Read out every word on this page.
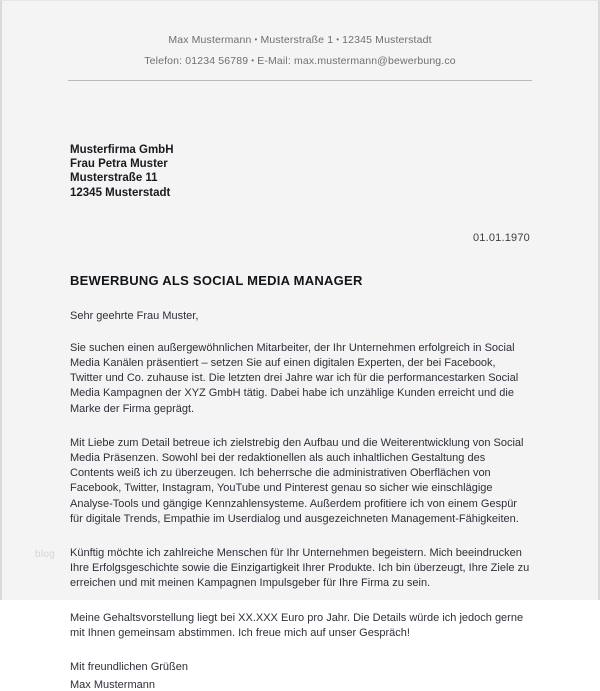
Max Mustermann • Musterstraße 1 • 12345 Musterstadt
Telefon: 01234 56789 • E-Mail: max.mustermann@bewerbung.co
Musterfirma GmbH
Frau Petra Muster
Musterstraße 11
12345 Musterstadt
01.01.1970
BEWERBUNG ALS SOCIAL MEDIA MANAGER
Sehr geehrte Frau Muster,
Sie suchen einen außergewöhnlichen Mitarbeiter, der Ihr Unternehmen erfolgreich in Social Media Kanälen präsentiert – setzen Sie auf einen digitalen Experten, der bei Facebook, Twitter und Co. zuhause ist. Die letzten drei Jahre war ich für die performancestarken Social Media Kampagnen der XYZ GmbH tätig. Dabei habe ich unzählige Kunden erreicht und die Marke der Firma geprägt.
Mit Liebe zum Detail betreue ich zielstrebig den Aufbau und die Weiterentwicklung von Social Media Präsenzen. Sowohl bei der redaktionellen als auch inhaltlichen Gestaltung des Contents weiß ich zu überzeugen. Ich beherrsche die administrativen Oberflächen von Facebook, Twitter, Instagram, YouTube und Pinterest genau so sicher wie einschlägige Analyse-Tools und gängige Kennzahlensysteme. Außerdem profitiere ich von einem Gespür für digitale Trends, Empathie im Userdialog und ausgezeichneten Management-Fähigkeiten.
Künftig möchte ich zahlreiche Menschen für Ihr Unternehmen begeistern. Mich beeindrucken Ihre Erfolgsgeschichte sowie die Einzigartigkeit Ihrer Produkte. Ich bin überzeugt, Ihre Ziele zu erreichen und mit meinen Kampagnen Impulsgeber für Ihre Firma zu sein.
Meine Gehaltsvorstellung liegt bei XX.XXX Euro pro Jahr. Die Details würde ich jedoch gerne mit Ihnen gemeinsam abstimmen. Ich freue mich auf unser Gespräch!
Mit freundlichen Grüßen
Max Mustermann
blog
